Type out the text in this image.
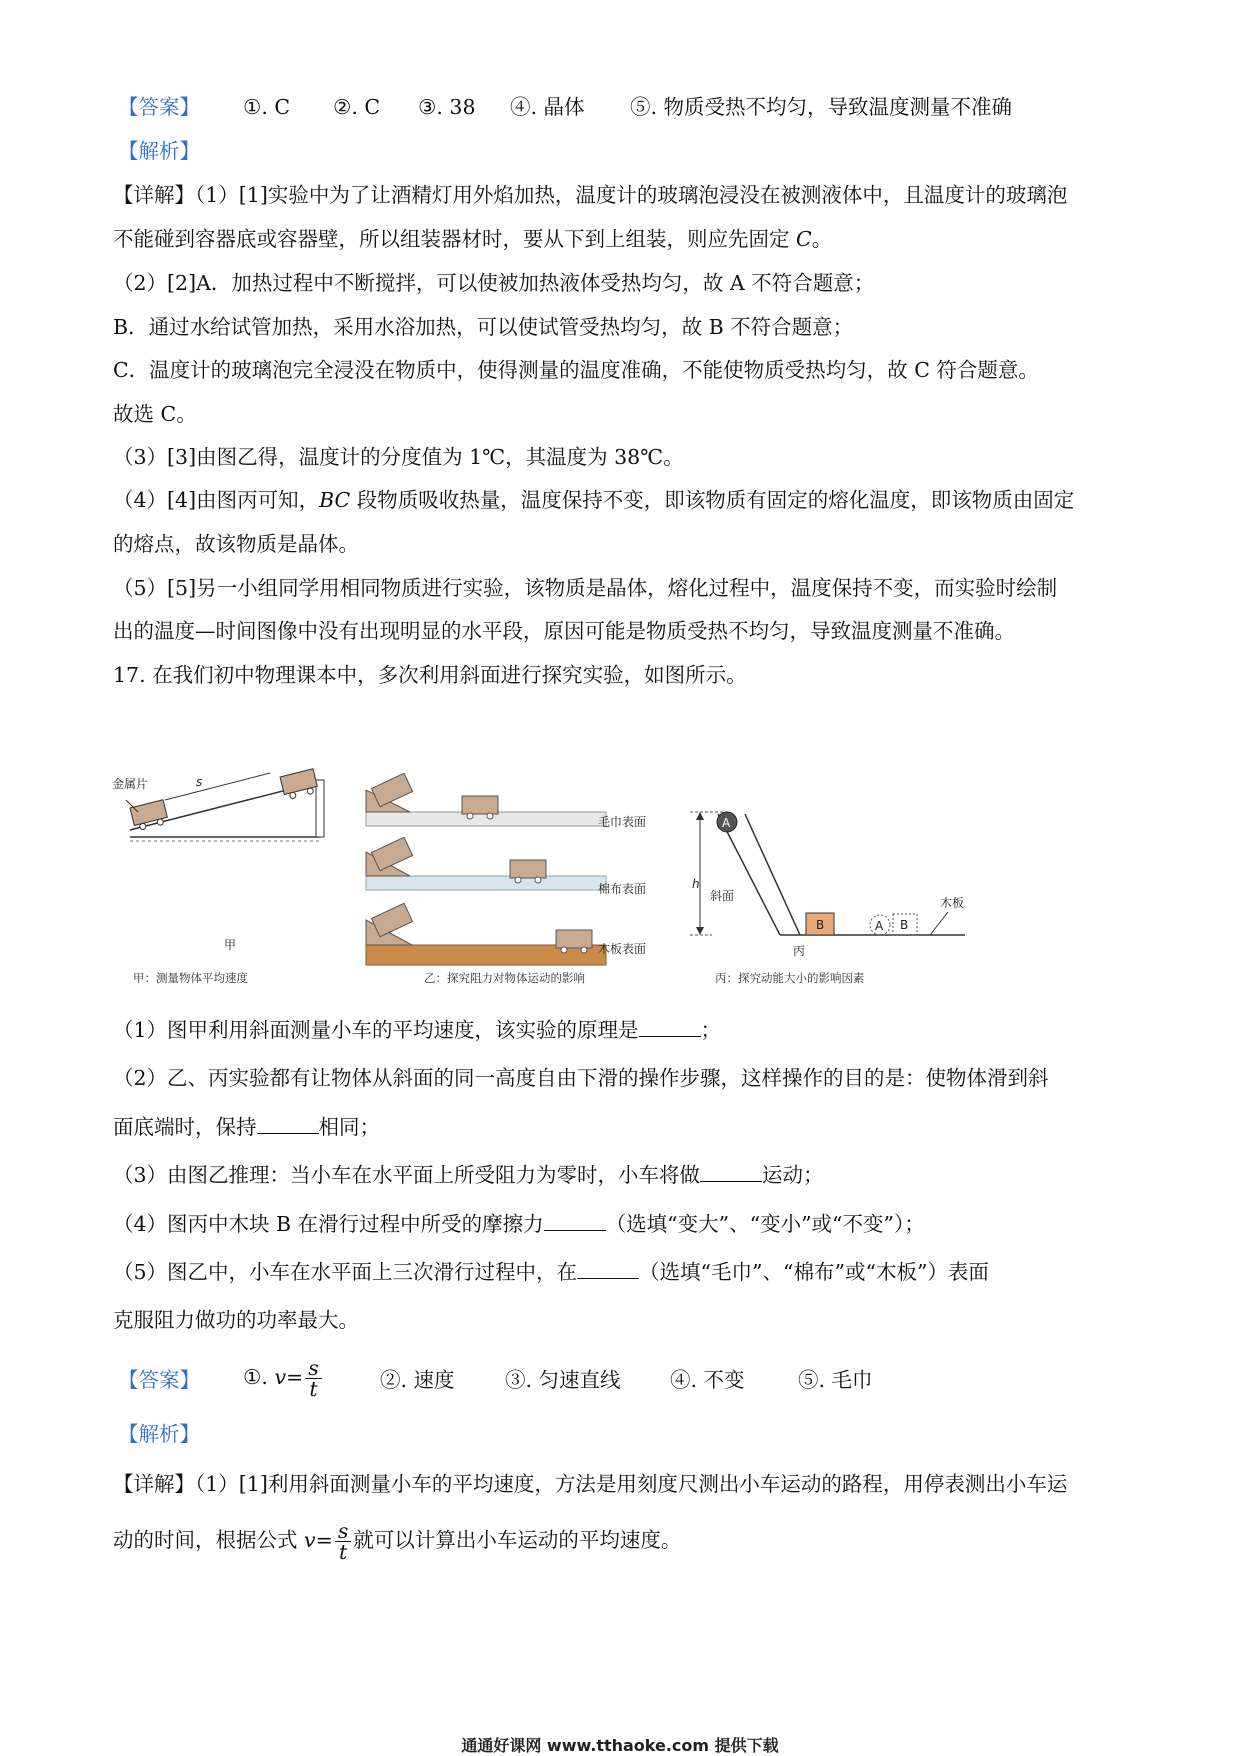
【答案】 ①. C ②. C ③. 38 ④. 晶体 ⑤. 物质受热不均匀，导致温度测量不准确
【解析】
【详解】（1）[1]实验中为了让酒精灯用外焰加热，温度计的玻璃泡浸没在被测液体中，且温度计的玻璃泡
不能碰到容器底或容器壁，所以组装器材时，要从下到上组装，则应先固定 C。
（2）[2]A．加热过程中不断搅拌，可以使被加热液体受热均匀，故 A 不符合题意；
B．通过水给试管加热，采用水浴加热，可以使试管受热均匀，故 B 不符合题意；
C．温度计的玻璃泡完全浸没在物质中，使得测量的温度准确，不能使物质受热均匀，故 C 符合题意。
故选 C。
（3）[3]由图乙得，温度计的分度值为 1℃，其温度为 38℃。
（4）[4]由图丙可知，BC 段物质吸收热量，温度保持不变，即该物质有固定的熔化温度，即该物质由固定
的熔点，故该物质是晶体。
（5）[5]另一小组同学用相同物质进行实验，该物质是晶体，熔化过程中，温度保持不变，而实验时绘制
出的温度—时间图像中没有出现明显的水平段，原因可能是物质受热不均匀，导致温度测量不准确。
17. 在我们初中物理课本中，多次利用斜面进行探究实验，如图所示。
金属片	s
甲
甲：测量物体平均速度
毛巾表面
棉布表面
木板表面
乙：探究阻力对物体运动的影响
h
A
斜面
B	A B
木板
丙
丙：探究动能大小的影响因素
（1）图甲利用斜面测量小车的平均速度，该实验的原理是	；
（2）乙、丙实验都有让物体从斜面的同一高度自由下滑的操作步骤，这样操作的目的是：使物体滑到斜
面底端时，保持	相同；
（3）由图乙推理：当小车在水平面上所受阻力为零时，小车将做	运动；
（4）图丙中木块 B 在滑行过程中所受的摩擦力	（选填“变大”、“变小”或“不变”）；
（5）图乙中，小车在水平面上三次滑行过程中，在	（选填“毛巾”、“棉布”或“木板”）表面
克服阻力做功的功率最大。
【答案】 ①. $v= \frac{s}{t}$	②. 速度 ③. 匀速直线 ④. 不变	⑤. 毛巾
【解析】
【详解】（1）[1]利用斜面测量小车的平均速度，方法是用刻度尺测出小车运动的路程，用停表测出小车运
动的时间，根据公式 $v= \frac{s}{t}$ 就可以计算出小车运动的平均速度。
通通好课网 www.tthaoke.com 提供下载
